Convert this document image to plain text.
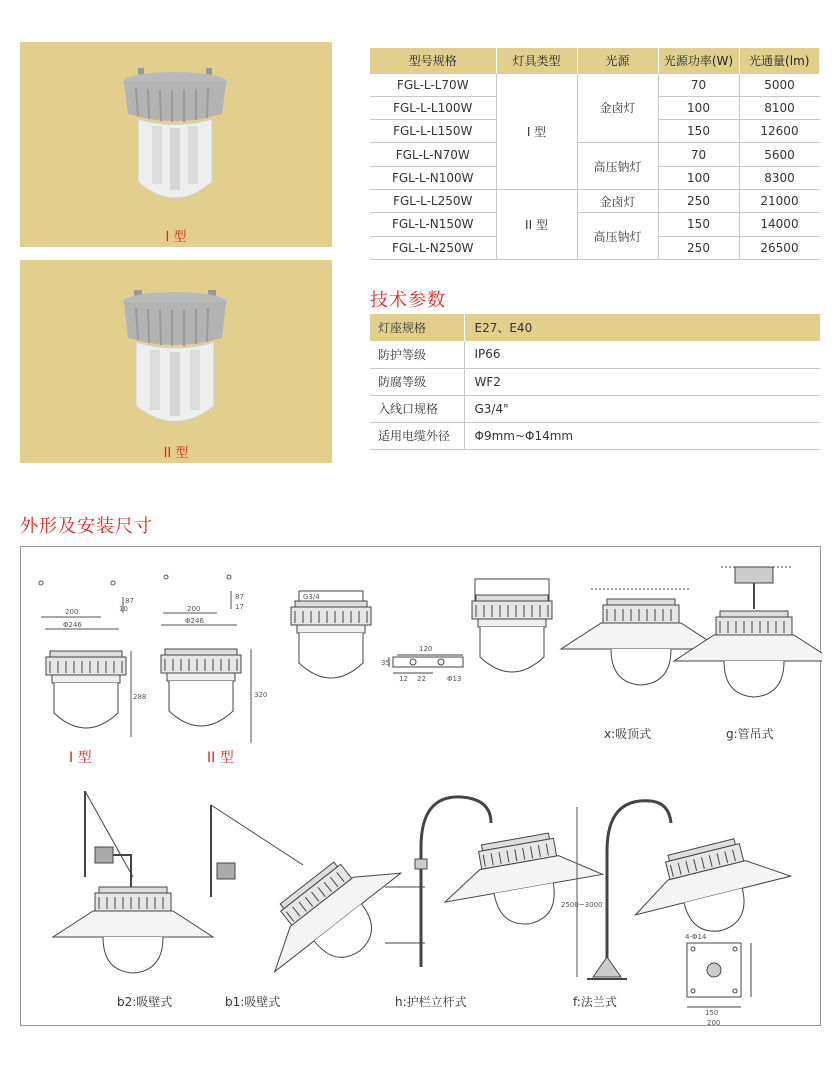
I 型
II 型
型号规格	灯具类型	光源	光源功率(W)	光通量(lm)
FGL-L-L70W	I 型	金卤灯	70	5000
FGL-L-L100W			100	8100
FGL-L-L150W			150	12600
FGL-L-N70W		高压钠灯	70	5600
FGL-L-N100W			100	8300
FGL-L-L250W	II 型	金卤灯	250	21000
FGL-L-N150W		高压钠灯	150	14000
FGL-L-N250W			250	26500
技术参数
灯座规格	E27、E40
防护等级	IP66
防腐等级	WF2
入线口规格	G3/4"
适用电缆外径	Φ9mm~Φ14mm
外形及安装尺寸
200
Φ246
288
200
Φ246
320
87
17
87
10
G3/4
120
35
12 22	Φ13
2500~3000
4-Φ14
150
200
I 型	II 型
x:吸顶式	g:管吊式
b2:吸壁式	b1:吸壁式	h:护栏立杆式	f:法兰式
